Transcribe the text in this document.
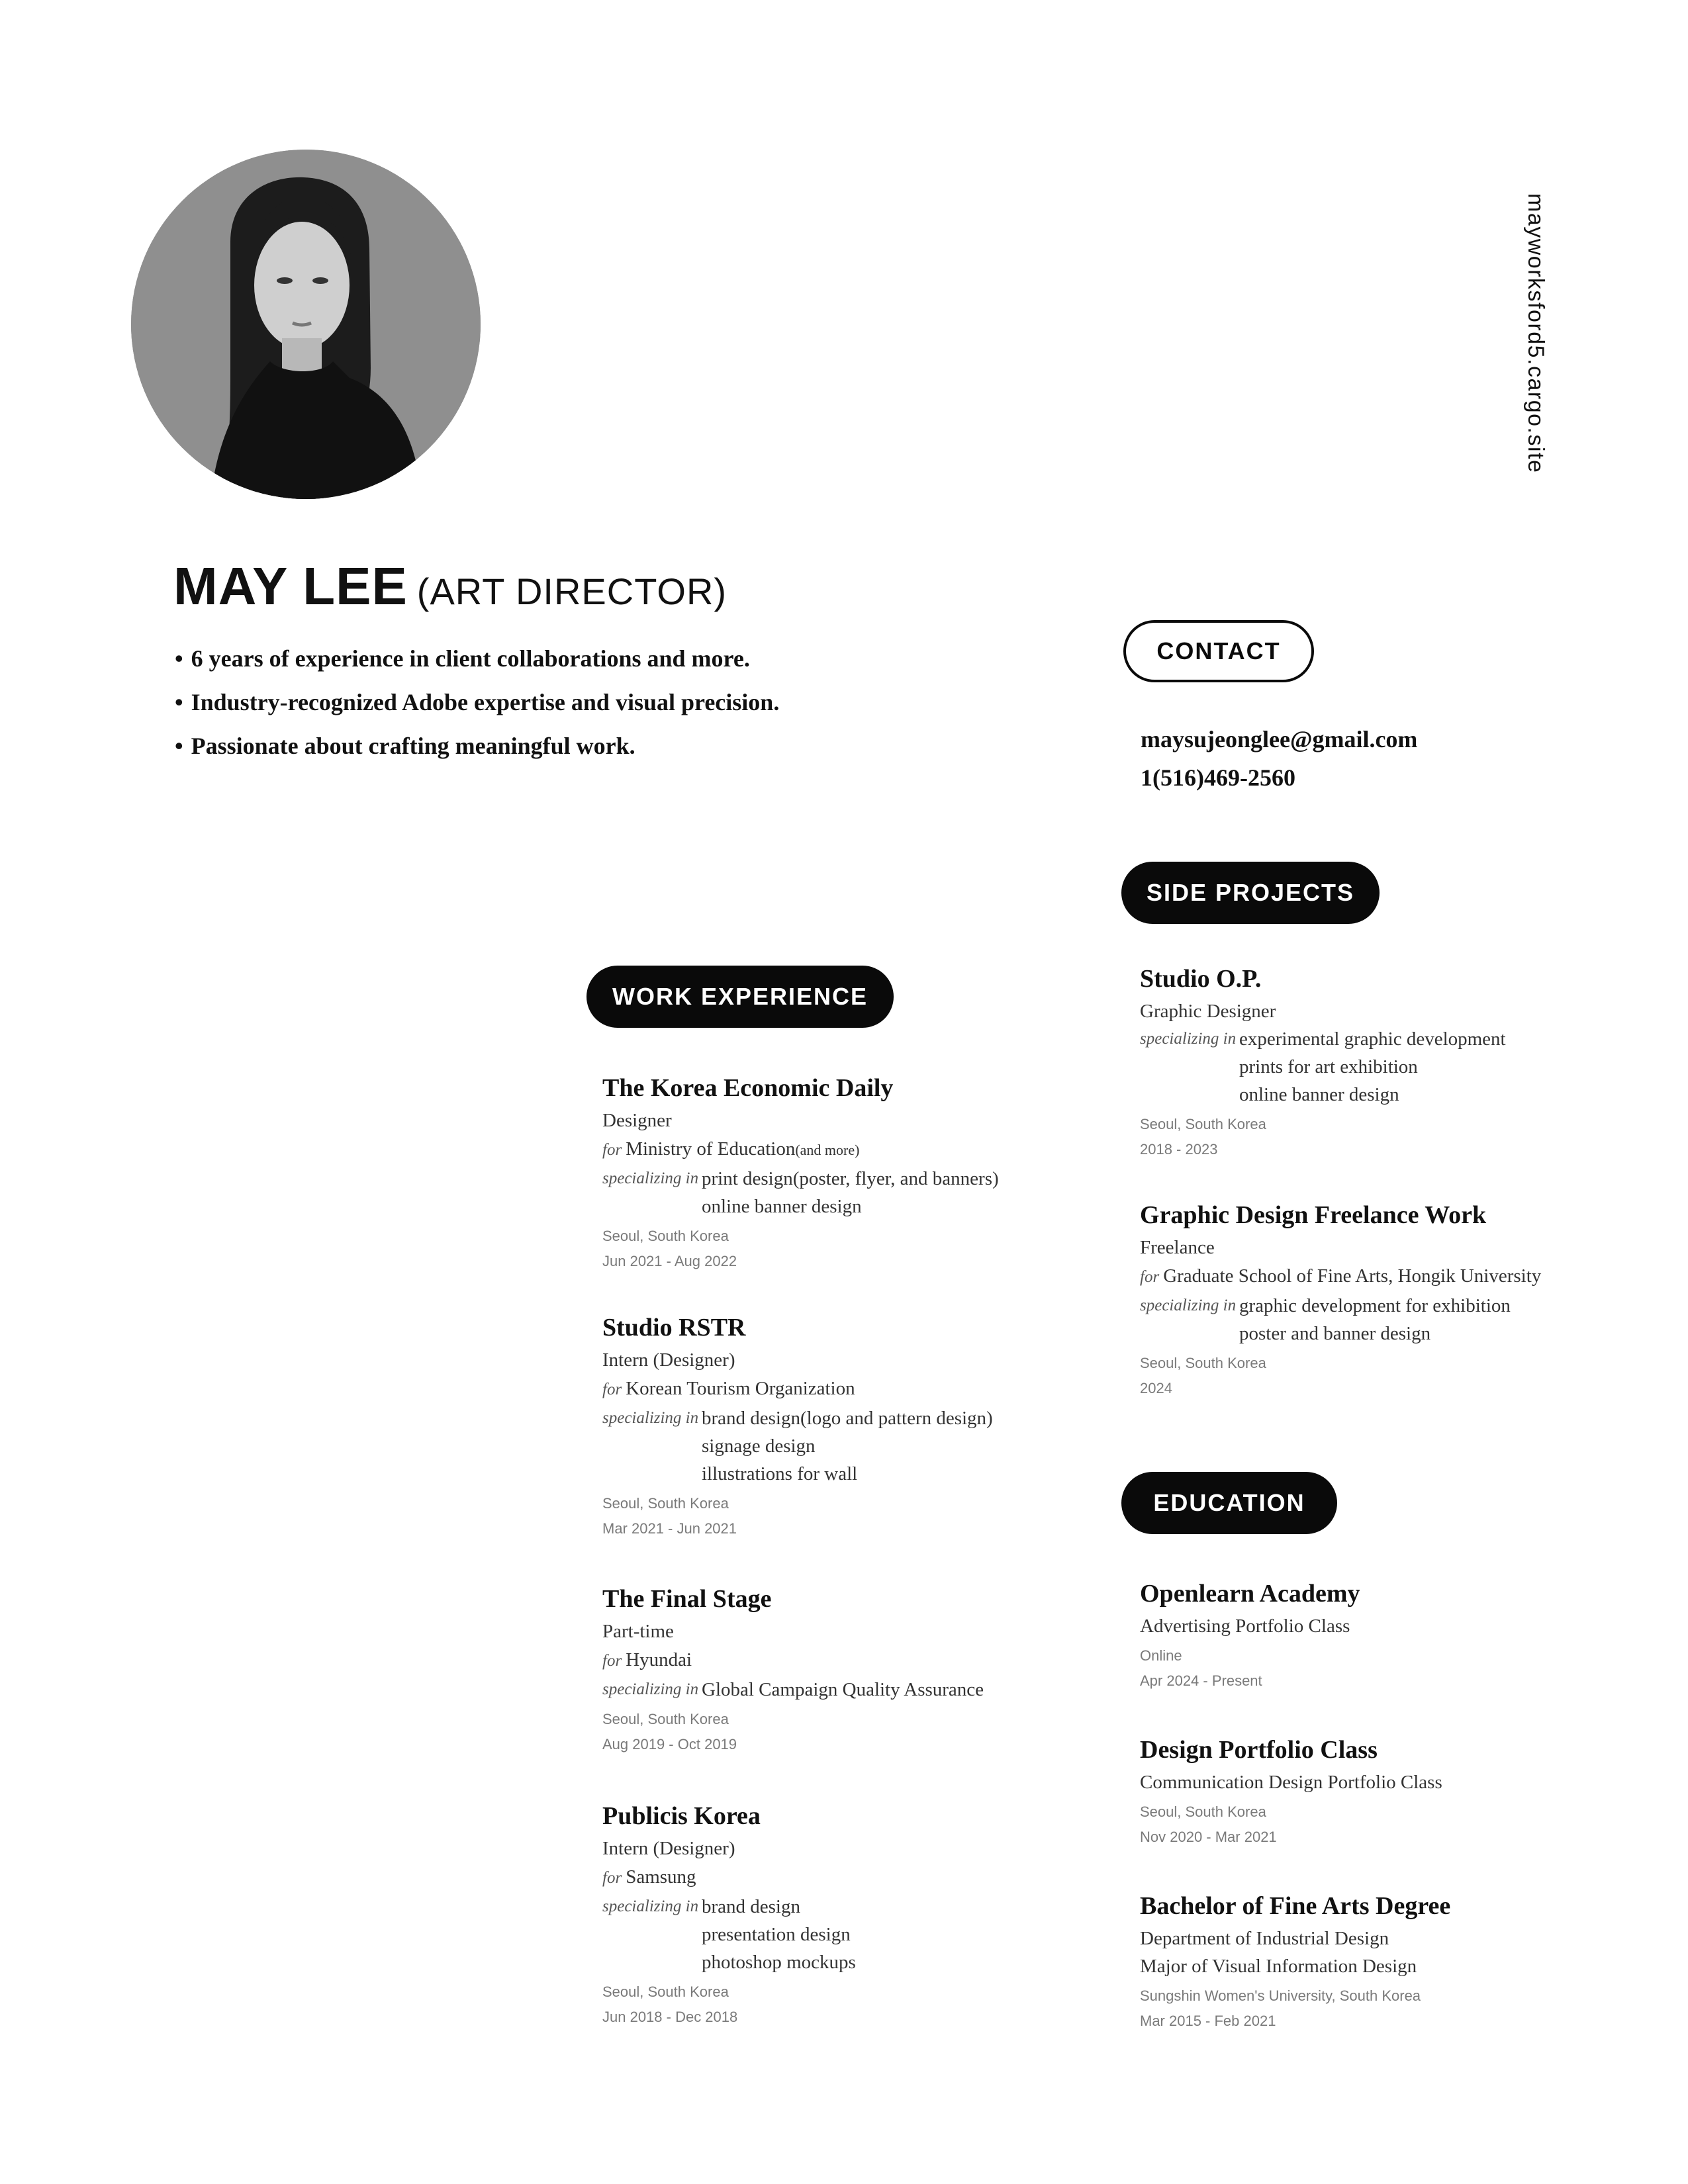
mayworksford5.cargo.site
MAY LEE (ART DIRECTOR)
• 6 years of experience in client collaborations and more.
• Industry-recognized Adobe expertise and visual precision.
• Passionate about crafting meaningful work.
CONTACT
maysujeonglee@gmail.com
1(516)469-2560
SIDE PROJECTS
Studio O.P.
Graphic Designer
specializing in experimental graphic development
prints for art exhibition
online banner design
Seoul, South Korea
2018 - 2023
Graphic Design Freelance Work
Freelance
for Graduate School of Fine Arts, Hongik University
specializing in graphic development for exhibition
poster and banner design
Seoul, South Korea
2024
EDUCATION
Openlearn Academy
Advertising Portfolio Class
Online
Apr 2024 - Present
Design Portfolio Class
Communication Design Portfolio Class
Seoul, South Korea
Nov 2020 - Mar 2021
Bachelor of Fine Arts Degree
Department of Industrial Design
Major of Visual Information Design
Sungshin Women's University, South Korea
Mar 2015 - Feb 2021
WORK EXPERIENCE
The Korea Economic Daily
Designer
for Ministry of Education(and more)
specializing in print design(poster, flyer, and banners)
online banner design
Seoul, South Korea
Jun 2021 - Aug 2022
Studio RSTR
Intern (Designer)
for Korean Tourism Organization
specializing in brand design(logo and pattern design)
signage design
illustrations for wall
Seoul, South Korea
Mar 2021 - Jun 2021
The Final Stage
Part-time
for Hyundai
specializing in Global Campaign Quality Assurance
Seoul, South Korea
Aug 2019 - Oct 2019
Publicis Korea
Intern (Designer)
for Samsung
specializing in brand design
presentation design
photoshop mockups
Seoul, South Korea
Jun 2018 - Dec 2018
